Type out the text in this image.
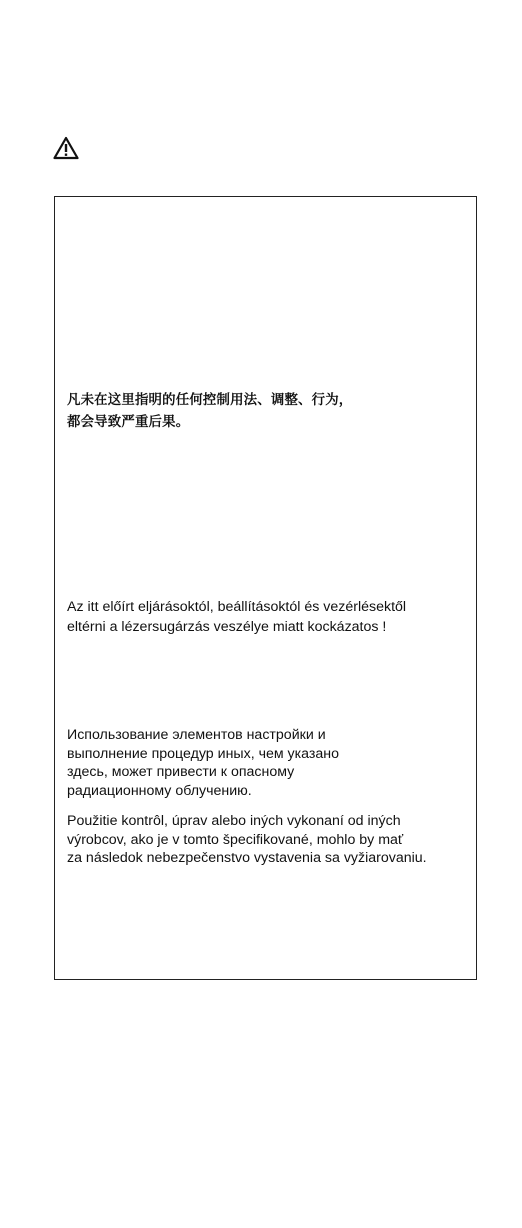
凡未在这里指明的任何控制用法、调整、行为，
都会导致严重后果。

Az itt előírt eljárásoktól, beállításoktól és vezérlésektől
eltérni a lézersugárzás veszélye miatt kockázatos !

Использование элементов настройки и
выполнение процедур иных, чем указано
здесь, может привести к опасному
радиационному облучению.

Použitie kontrôl, úprav alebo iných vykonaní od iných
výrobcov, ako je v tomto špecifikované, mohlo by mať
za následok nebezpečenstvo vystavenia sa vyžiarovaniu.
